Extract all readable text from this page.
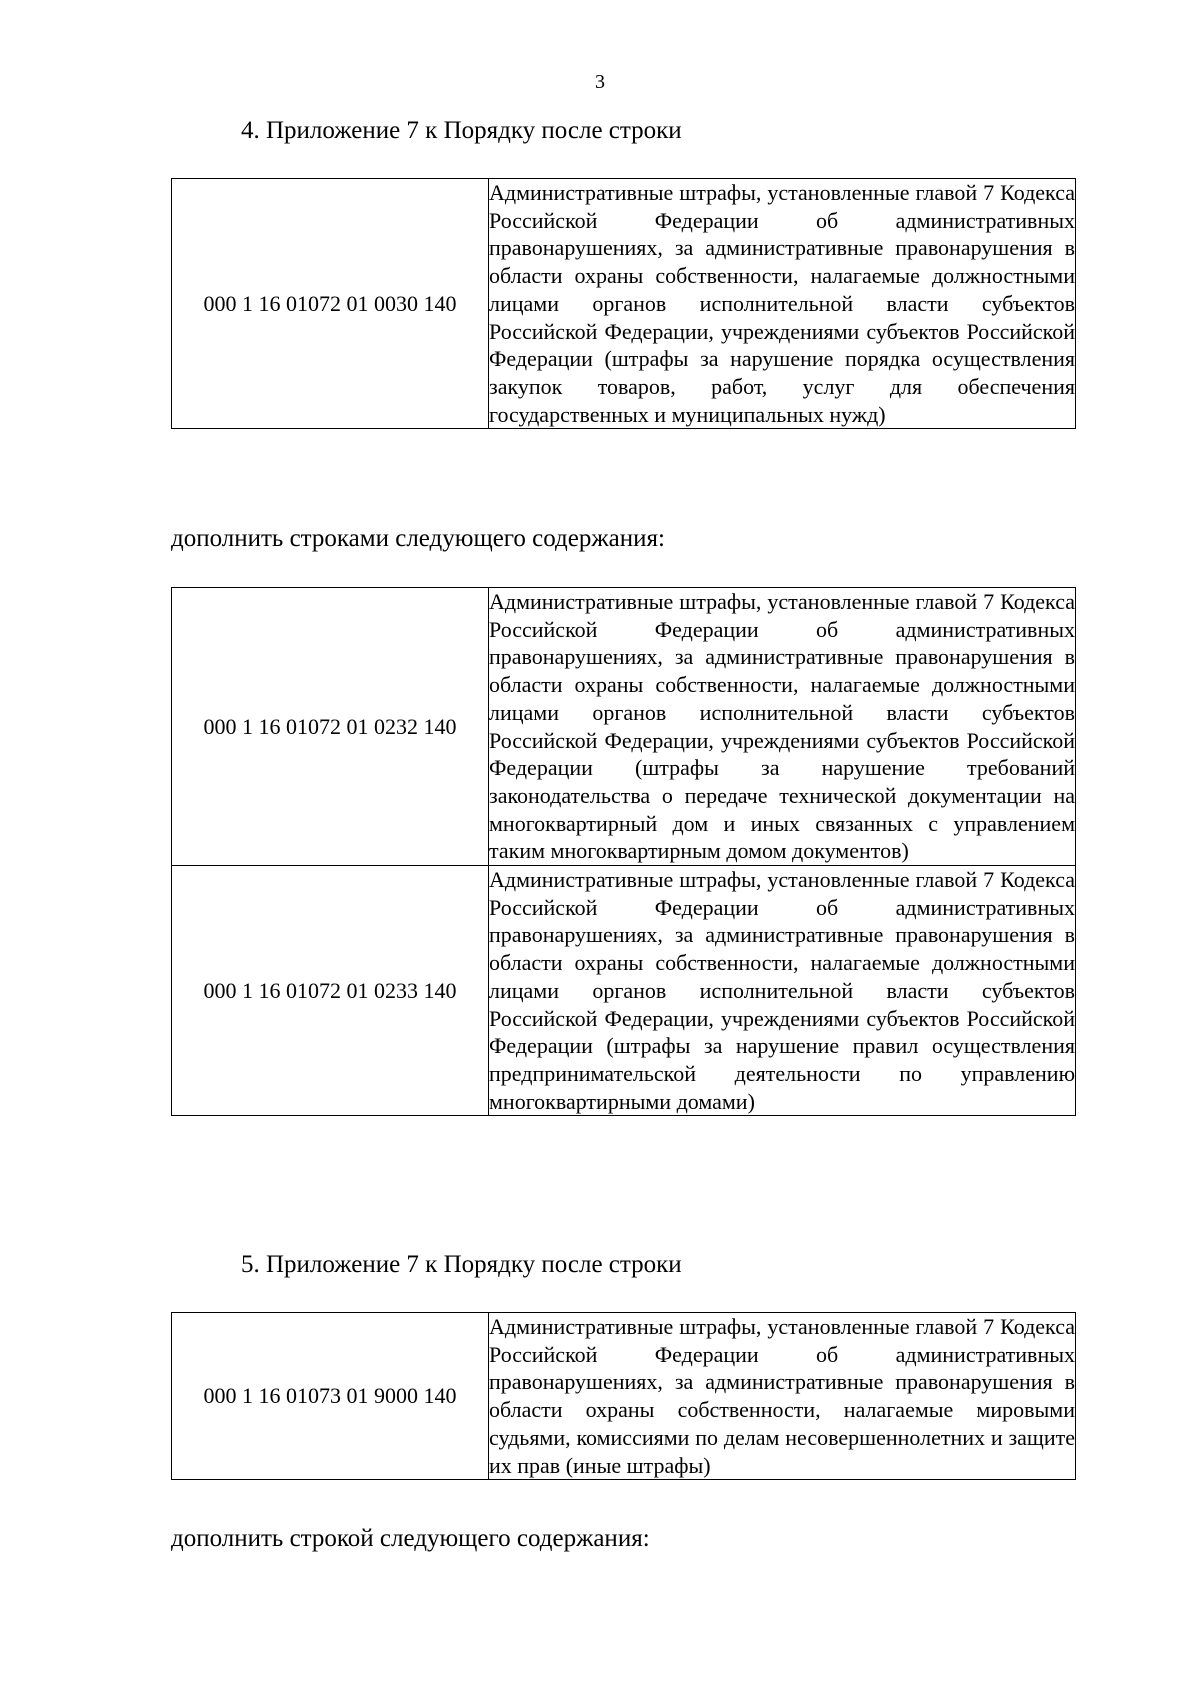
3
4. Приложение 7 к Порядку после строки
000 1 16 01072 01 0030 140	Административные штрафы, установленные главой 7 Кодекса Российской Федерации об административных правонарушениях, за административные правонарушения в области охраны собственности, налагаемые должностными лицами органов исполнительной власти субъектов Российской Федерации, учреждениями субъектов Российской Федерации (штрафы за нарушение порядка осуществления закупок товаров, работ, услуг для обеспечения государственных и муниципальных нужд)
дополнить строками следующего содержания:
000 1 16 01072 01 0232 140	Административные штрафы, установленные главой 7 Кодекса Российской Федерации об административных правонарушениях, за административные правонарушения в области охраны собственности, налагаемые должностными лицами органов исполнительной власти субъектов Российской Федерации, учреждениями субъектов Российской Федерации (штрафы за нарушение требований законодательства о передаче технической документации на многоквартирный дом и иных связанных с управлением таким многоквартирным домом документов)
000 1 16 01072 01 0233 140	Административные штрафы, установленные главой 7 Кодекса Российской Федерации об административных правонарушениях, за административные правонарушения в области охраны собственности, налагаемые должностными лицами органов исполнительной власти субъектов Российской Федерации, учреждениями субъектов Российской Федерации (штрафы за нарушение правил осуществления предпринимательской деятельности по управлению многоквартирными домами)
5. Приложение 7 к Порядку после строки
000 1 16 01073 01 9000 140	Административные штрафы, установленные главой 7 Кодекса Российской Федерации об административных правонарушениях, за административные правонарушения в области охраны собственности, налагаемые мировыми судьями, комиссиями по делам несовершеннолетних и защите их прав (иные штрафы)
дополнить строкой следующего содержания:
